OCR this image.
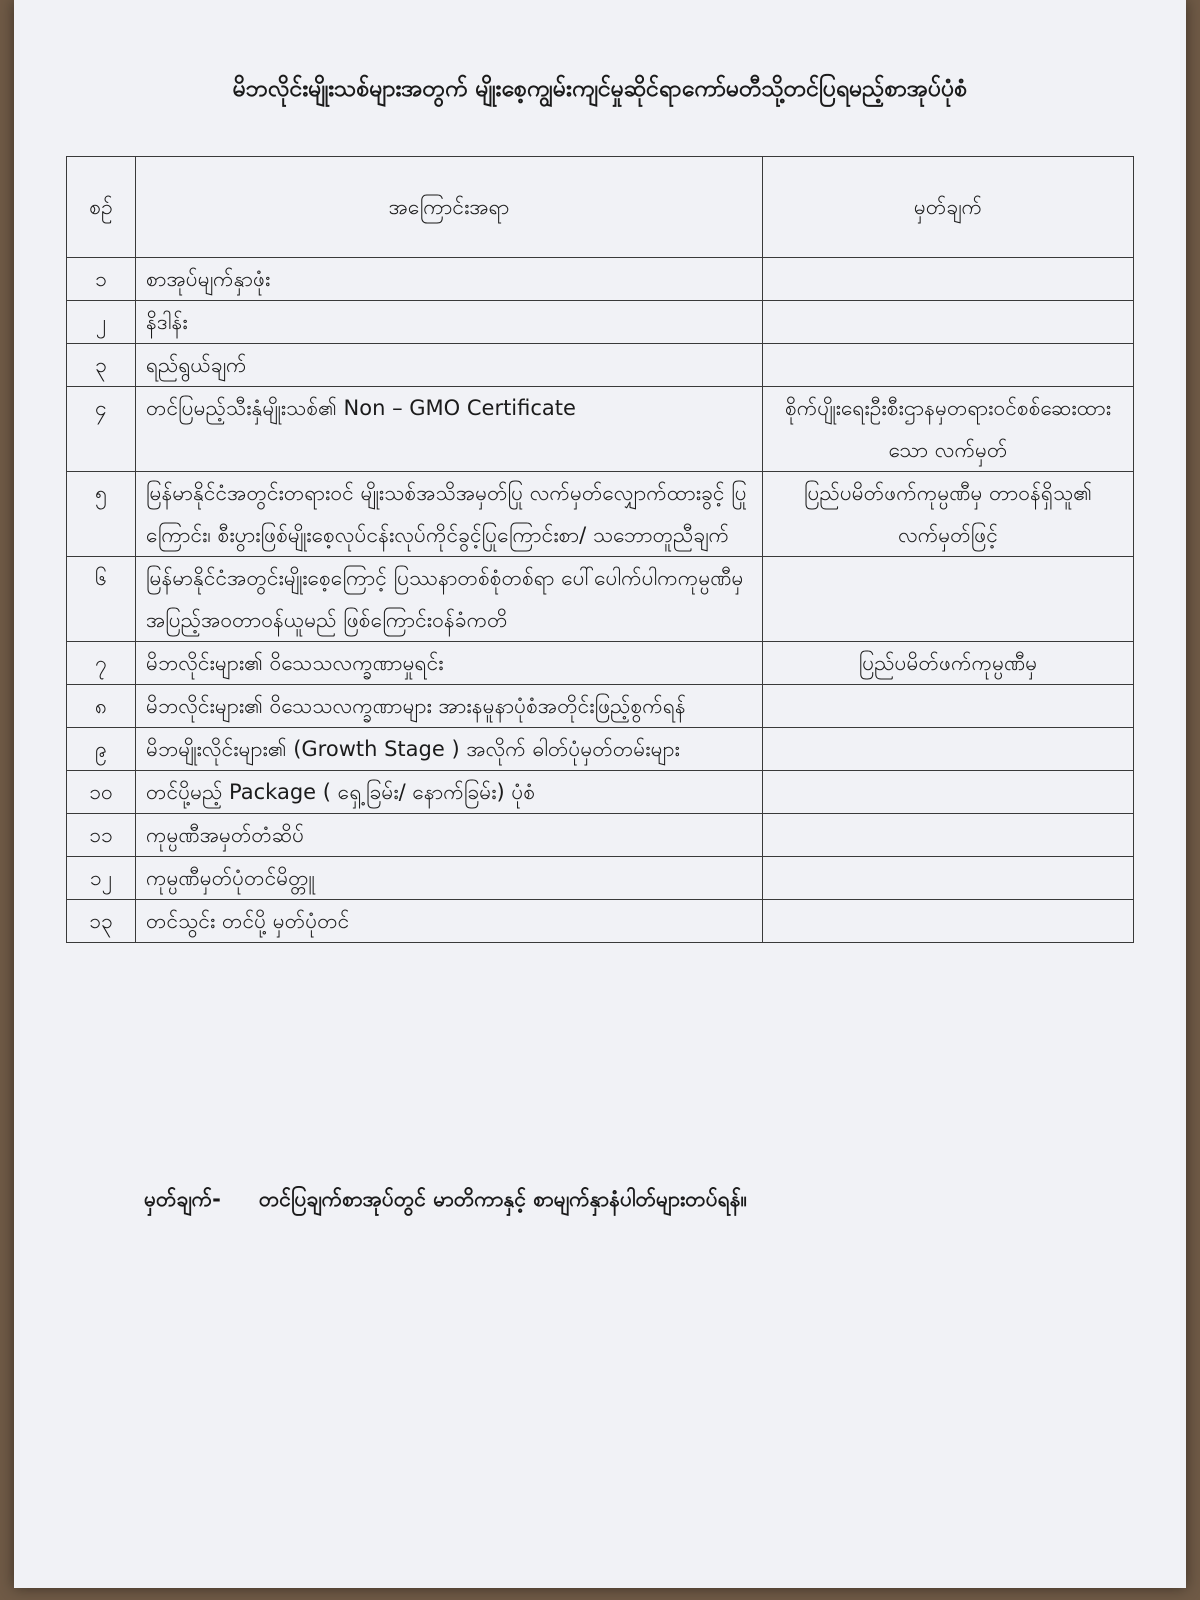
မိဘလိုင်းမျိုးသစ်များအတွက် မျိုးစေ့ကျွမ်းကျင်မှုဆိုင်ရာကော်မတီသို့တင်ပြရမည့်စာအုပ်ပုံစံ
စဉ်	အကြောင်းအရာ	မှတ်ချက်
၁	စာအုပ်မျက်နှာဖုံး	
၂	နိဒါန်း	
၃	ရည်ရွယ်ချက်	
၄	တင်ပြမည့်သီးနှံမျိုးသစ်၏ Non – GMO Certificate	စိုက်ပျိုးရေးဦးစီးဌာနမှတရားဝင်စစ်ဆေးထားသော လက်မှတ်
၅	မြန်မာနိုင်ငံအတွင်းတရားဝင် မျိုးသစ်အသိအမှတ်ပြု လက်မှတ်လျှောက်ထားခွင့် ပြုကြောင်း၊ စီးပွားဖြစ်မျိုးစေ့လုပ်ငန်းလုပ်ကိုင်ခွင့်ပြုကြောင်းစာ/ သဘောတူညီချက်	ပြည်ပမိတ်ဖက်ကုမ္ပဏီမှ တာဝန်ရှိသူ၏ လက်မှတ်ဖြင့်
၆	မြန်မာနိုင်ငံအတွင်းမျိုးစေ့ကြောင့် ပြဿနာတစ်စုံတစ်ရာ ပေါ်ပေါက်ပါကကုမ္ပဏီမှ အပြည့်အဝတာဝန်ယူမည် ဖြစ်ကြောင်းဝန်ခံကတိ	
၇	မိဘလိုင်းများ၏ ဝိသေသလက္ခဏာမှုရင်း	ပြည်ပမိတ်ဖက်ကုမ္ပဏီမှ
၈	မိဘလိုင်းများ၏ ဝိသေသလက္ခဏာများ အားနမူနာပုံစံအတိုင်းဖြည့်စွက်ရန်	
၉	မိဘမျိုးလိုင်းများ၏ (Growth Stage ) အလိုက် ဓါတ်ပုံမှတ်တမ်းများ	
၁၀	တင်ပို့မည့် Package ( ရှေ့ခြမ်း/ နောက်ခြမ်း) ပုံစံ	
၁၁	ကုမ္ပဏီအမှတ်တံဆိပ်	
၁၂	ကုမ္ပဏီမှတ်ပုံတင်မိတ္တူ	
၁၃	တင်သွင်း တင်ပို့ မှတ်ပုံတင်	
မှတ်ချက်- တင်ပြချက်စာအုပ်တွင် မာတိကာနှင့် စာမျက်နှာနံပါတ်များတပ်ရန်။
